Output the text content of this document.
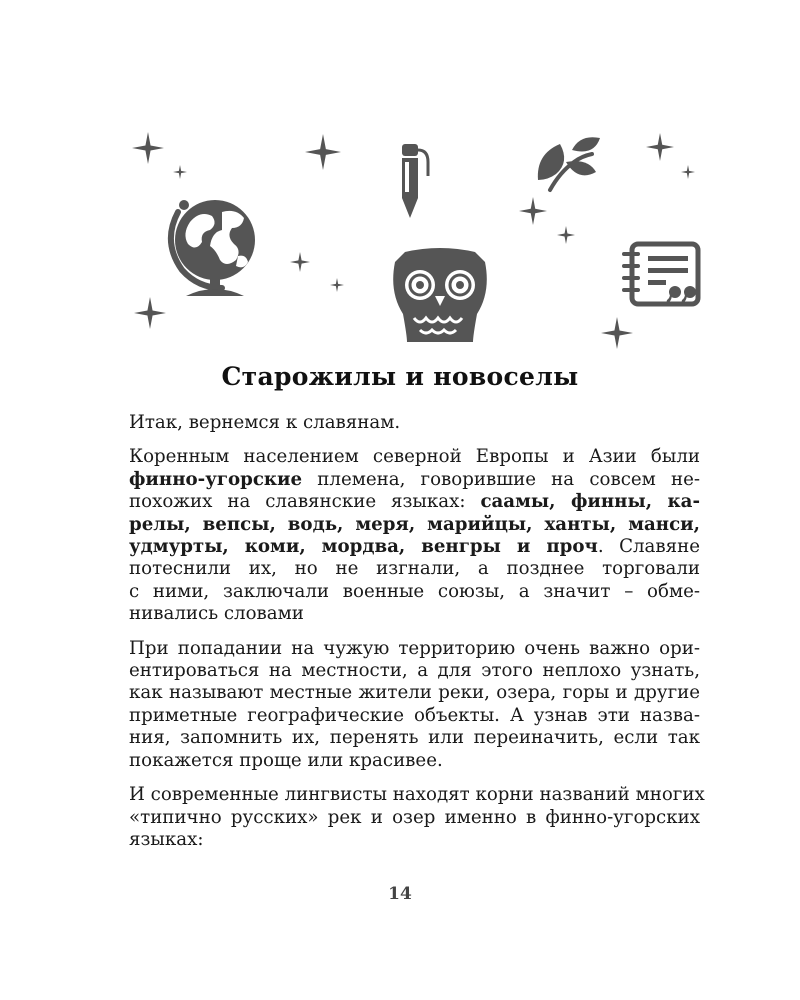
Старожилы и новоселы
Итак, вернемся к славянам.
Коренным населением северной Европы и Азии были
финно-угорские племена, говорившие на совсем не-
похожих на славянские языках: саамы, финны, ка-
релы, вепсы, водь, меря, марийцы, ханты, манси,
удмурты, коми, мордва, венгры и проч. Славяне
потеснили их, но не изгнали, а позднее торговали
с ними, заключали военные союзы, а значит – обме-
нивались словами
При попадании на чужую территорию очень важно ори-
ентироваться на местности, а для этого неплохо узнать,
как называют местные жители реки, озера, горы и другие
приметные географические объекты. А узнав эти назва-
ния, запомнить их, перенять или переиначить, если так
покажется проще или красивее.
И современные лингвисты находят корни названий многих
«типично русских» рек и озер именно в финно-угорских
языках:
14
